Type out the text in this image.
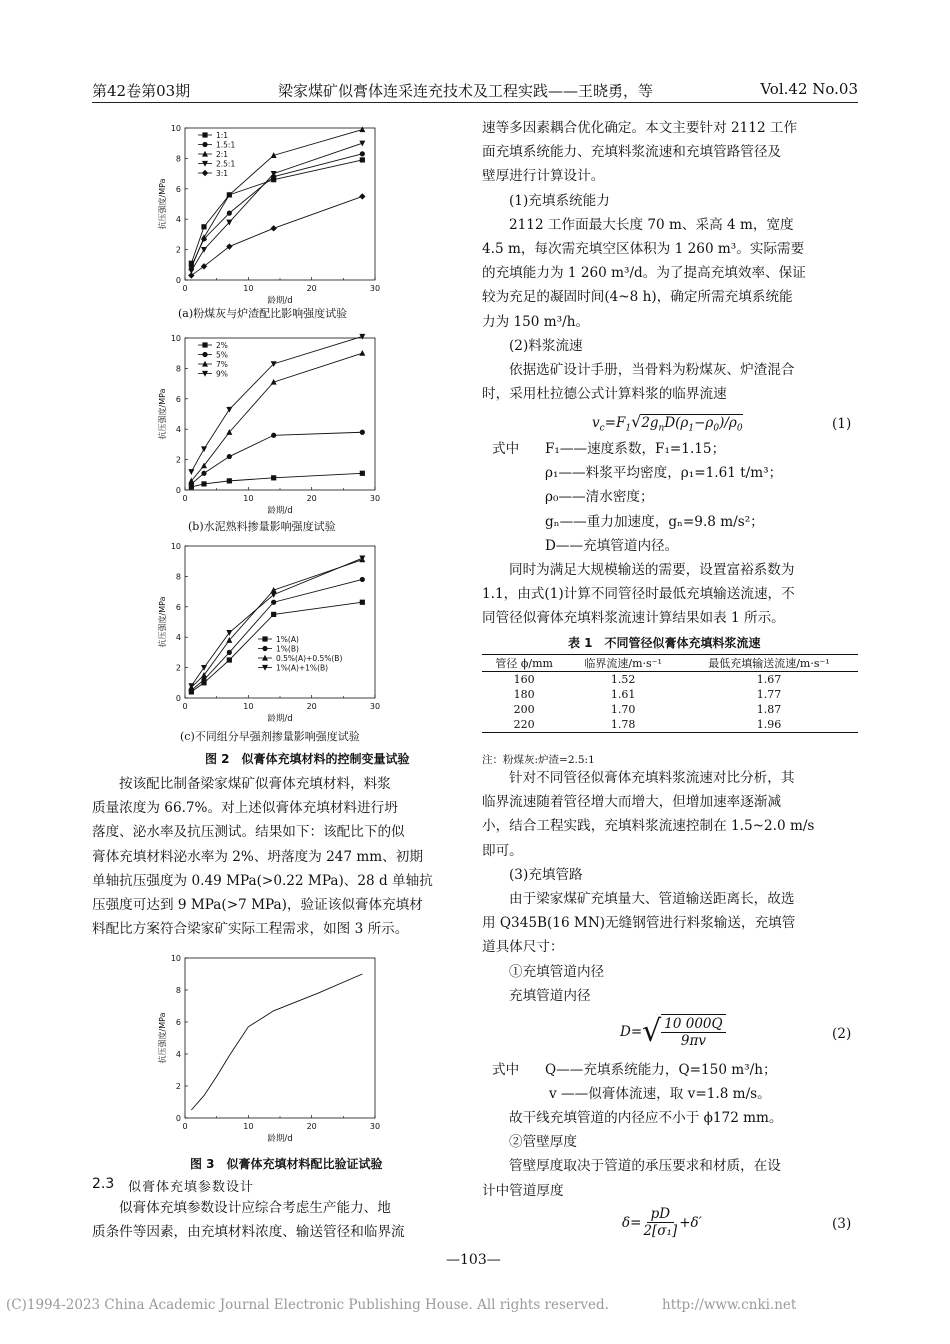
第42卷第03期	梁家煤矿似膏体连采连充技术及工程实践——王晓勇，等	Vol.42 No.03
0
2
4
6
8
10
0	10	20	30
龄期/d
抗压强度/MPa
1:1
1.5:1
2:1
2.5:1
3:1
(a)粉煤灰与炉渣配比影响强度试验
0
2
4
6
8
10
0	10	20	30
龄期/d
抗压强度/MPa
2%
5%
7%
9%
(b)水泥熟料掺量影响强度试验
0
2
4
6
8
10
0	10	20	30
龄期/d
抗压强度/MPa	1%(A)
1%(B)
0.5%(A)+0.5%(B)
1%(A)+1%(B)
(c)不同组分早强剂掺量影响强度试验
图 2　似膏体充填材料的控制变量试验
按该配比制备梁家煤矿似膏体充填材料，料浆
质量浓度为 66.7%。对上述似膏体充填材料进行坍
落度、泌水率及抗压测试。结果如下：该配比下的似
膏体充填材料泌水率为 2%、坍落度为 247 mm、初期
单轴抗压强度为 0.49 MPa(>0.22 MPa)、28 d 单轴抗
压强度可达到 9 MPa(>7 MPa)，验证该似膏体充填材
料配比方案符合梁家矿实际工程需求，如图 3 所示。
0
2
4
6
8
10
0	10	20	30
龄期/d
抗压强度/MPa
图 3　似膏体充填材料配比验证试验
2.3 似膏体充填参数设计
似膏体充填参数设计应综合考虑生产能力、地
质条件等因素，由充填材料浓度、输送管径和临界流
速等多因素耦合优化确定。本文主要针对 2112 工作
面充填系统能力、充填料浆流速和充填管路管径及
壁厚进行计算设计。
(1)充填系统能力
2112 工作面最大长度 70 m、采高 4 m，宽度
4.5 m，每次需充填空区体积为 1 260 m³。实际需要
的充填能力为 1 260 m³/d。为了提高充填效率、保证
较为充足的凝固时间(4~8 h)，确定所需充填系统能
力为 150 m³/h。
(2)料浆流速
依据选矿设计手册，当骨料为粉煤灰、炉渣混合
时，采用杜拉德公式计算料浆的临界流速
$v_c=F_1√2g_nD(\rho_1-\rho_0)/\rho_0$	(1)
式中 F₁——速度系数，F₁=1.15；
ρ₁——料浆平均密度，ρ₁=1.61 t/m³；
ρ₀——清水密度；
gₙ——重力加速度，gₙ=9.8 m/s²；
D——充填管道内径。
同时为满足大规模输送的需要，设置富裕系数为
1.1，由式(1)计算不同管径时最低充填输送流速，不
同管径似膏体充填料浆流速计算结果如表 1 所示。
表 1　不同管径似膏体充填料浆流速
管径 ϕ/mm	临界流速/m·s⁻¹	最低充填输送流速/m·s⁻¹
160	1.52	1.67
180	1.61	1.77
200	1.70	1.87
220	1.78	1.96
注：粉煤灰:炉渣=2.5:1
针对不同管径似膏体充填料浆流速对比分析，其
临界流速随着管径增大而增大，但增加速率逐渐减
小，结合工程实践，充填料浆流速控制在 1.5~2.0 m/s
即可。
(3)充填管路
由于梁家煤矿充填量大、管道输送距离长，故选
用 Q345B(16 MN)无缝钢管进行料浆输送，充填管
道具体尺寸：
①充填管道内径
充填管道内径
D= √ $\frac{10 000Q}{9\pi v}$	(2)
式中 Q——充填系统能力，Q=150 m³/h；
v ——似膏体流速，取 v=1.8 m/s。
故干线充填管道的内径应不小于 ϕ172 mm。
②管壁厚度
管壁厚度取决于管道的承压要求和材质，在设
计中管道厚度
$\delta= \frac{pD}{\text{2[σ₁]}} +\delta'$	(3)
—103—
(C)1994-2023 China Academic Journal Electronic Publishing House. All rights reserved.	http://www.cnki.net
